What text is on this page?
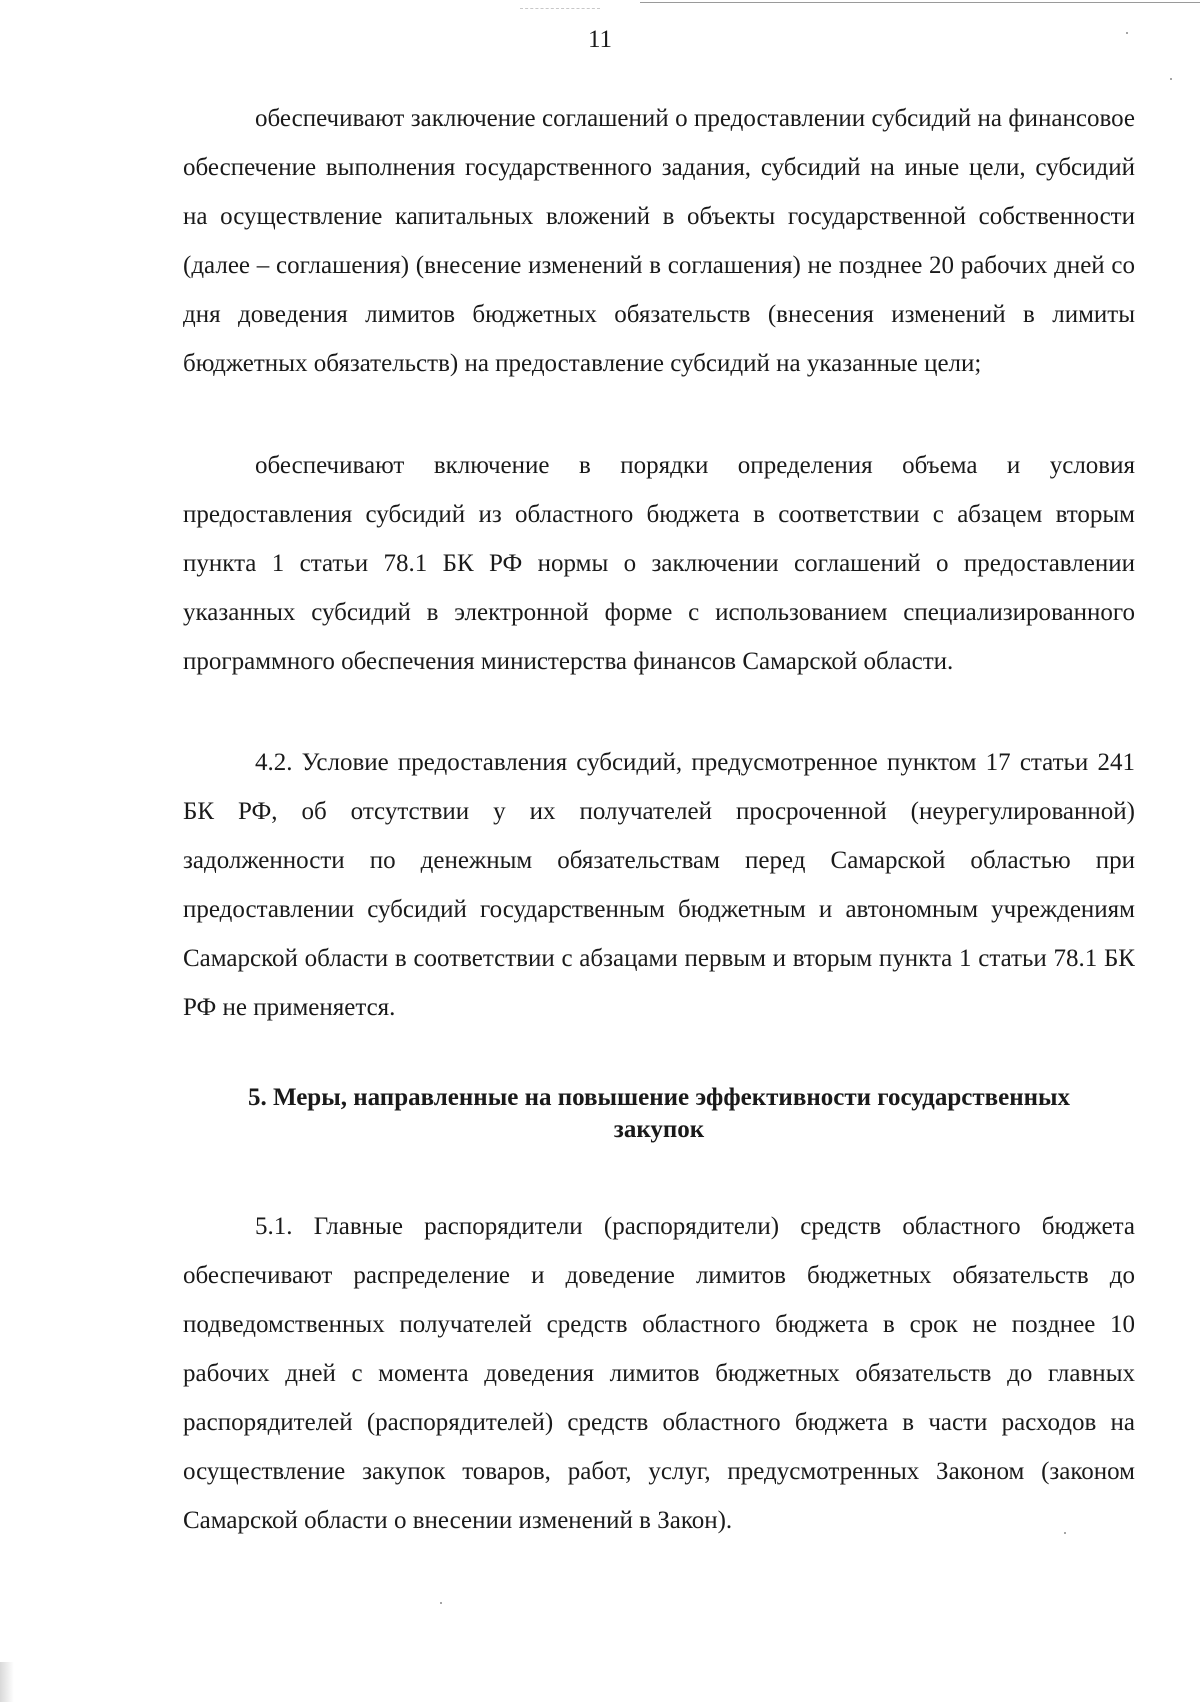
11

обеспечивают заключение соглашений о предоставлении субсидий на финансовое обеспечение выполнения государственного задания, субсидий на иные цели, субсидий на осуществление капитальных вложений в объекты государственной собственности (далее – соглашения) (внесение изменений в соглашения) не позднее 20 рабочих дней со дня доведения лимитов бюджетных обязательств (внесения изменений в лимиты бюджетных обязательств) на предоставление субсидий на указанные цели;

обеспечивают включение в порядки определения объема и условия предоставления субсидий из областного бюджета в соответствии с абзацем вторым пункта 1 статьи 78.1 БК РФ нормы о заключении соглашений о предоставлении указанных субсидий в электронной форме с использованием специализированного программного обеспечения министерства финансов Самарской области.

4.2. Условие предоставления субсидий, предусмотренное пунктом 17 статьи 241 БК РФ, об отсутствии у их получателей просроченной (неурегулированной) задолженности по денежным обязательствам перед Самарской областью при предоставлении субсидий государственным бюджетным и автономным учреждениям Самарской области в соответствии с абзацами первым и вторым пункта 1 статьи 78.1 БК РФ не применяется.

5. Меры, направленные на повышение эффективности государственных
закупок

5.1. Главные распорядители (распорядители) средств областного бюджета обеспечивают распределение и доведение лимитов бюджетных обязательств до подведомственных получателей средств областного бюджета в срок не позднее 10 рабочих дней с момента доведения лимитов бюджетных обязательств до главных распорядителей (распорядителей) средств областного бюджета в части расходов на осуществление закупок товаров, работ, услуг, предусмотренных Законом (законом Самарской области о внесении изменений в Закон).
